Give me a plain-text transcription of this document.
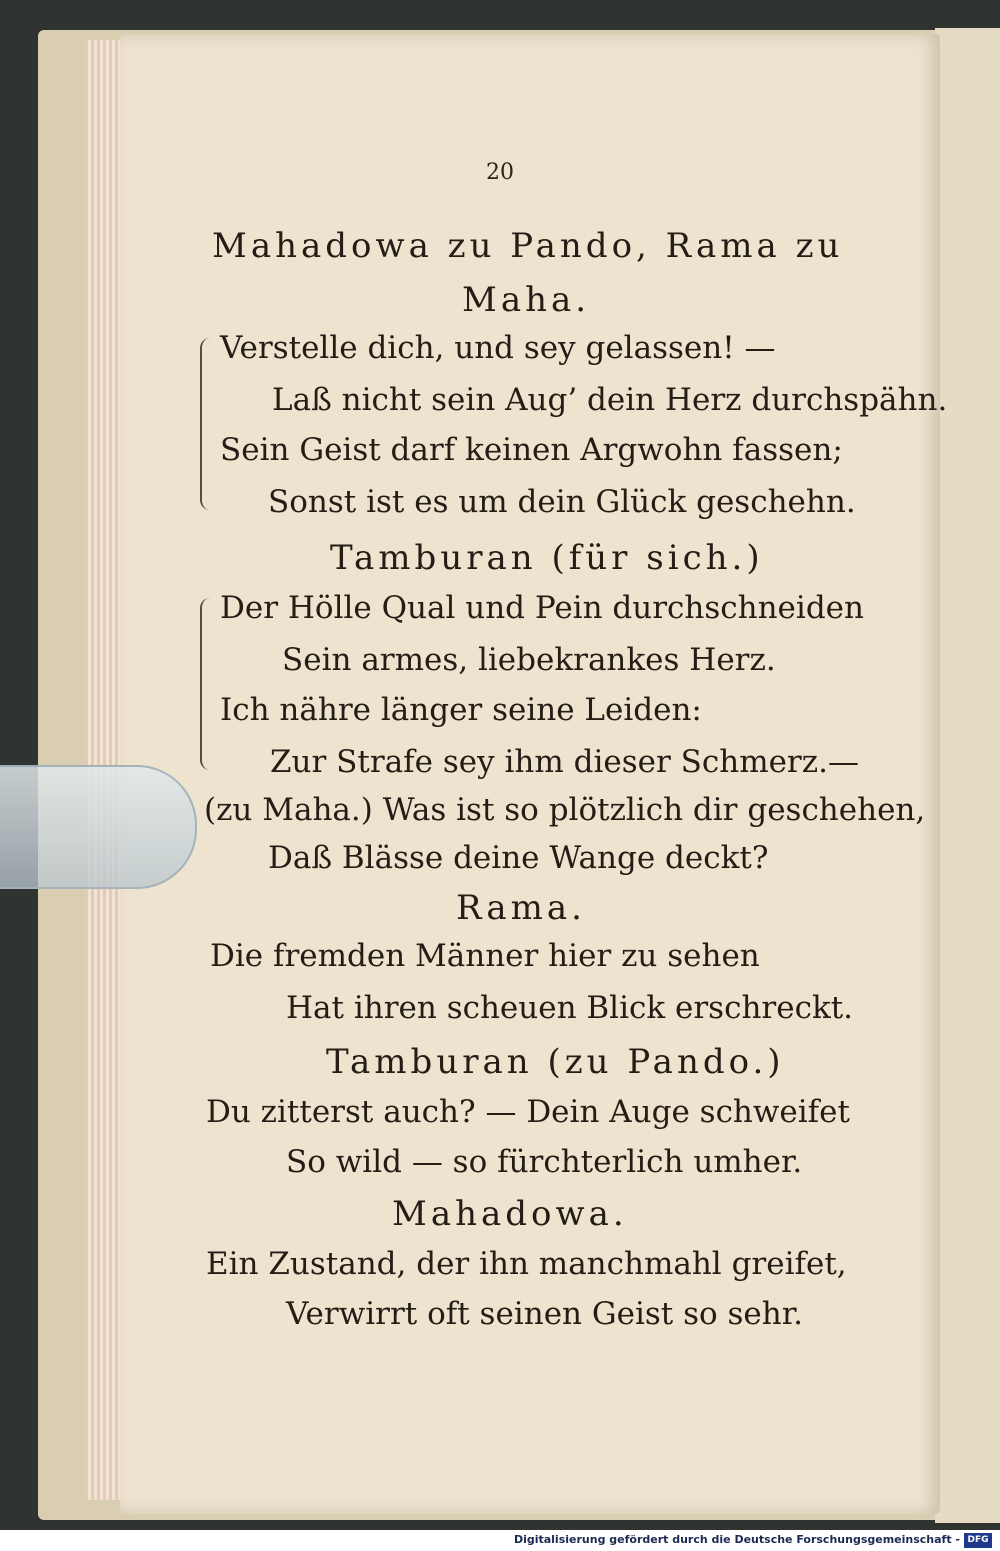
20
Mahadowa zu Pando, Rama zu
Maha.
Verstelle dich, und sey gelassen! —
Laß nicht sein Aug’ dein Herz durchspähn.
Sein Geist darf keinen Argwohn fassen;
Sonst ist es um dein Glück geschehn.
Tamburan (für sich.)
Der Hölle Qual und Pein durchschneiden
Sein armes, liebekrankes Herz.
Ich nähre länger seine Leiden:
Zur Strafe sey ihm dieser Schmerz.—
(zu Maha.) Was ist so plötzlich dir geschehen,
Daß Blässe deine Wange deckt?
Rama.
Die fremden Männer hier zu sehen
Hat ihren scheuen Blick erschreckt.
Tamburan (zu Pando.)
Du zitterst auch? — Dein Auge schweifet
So wild — so fürchterlich umher.
Mahadowa.
Ein Zustand, der ihn manchmahl greifet,
Verwirrt oft seinen Geist so sehr.
Digitalisierung gefördert durch die Deutsche Forschungsgemeinschaft - DFG
